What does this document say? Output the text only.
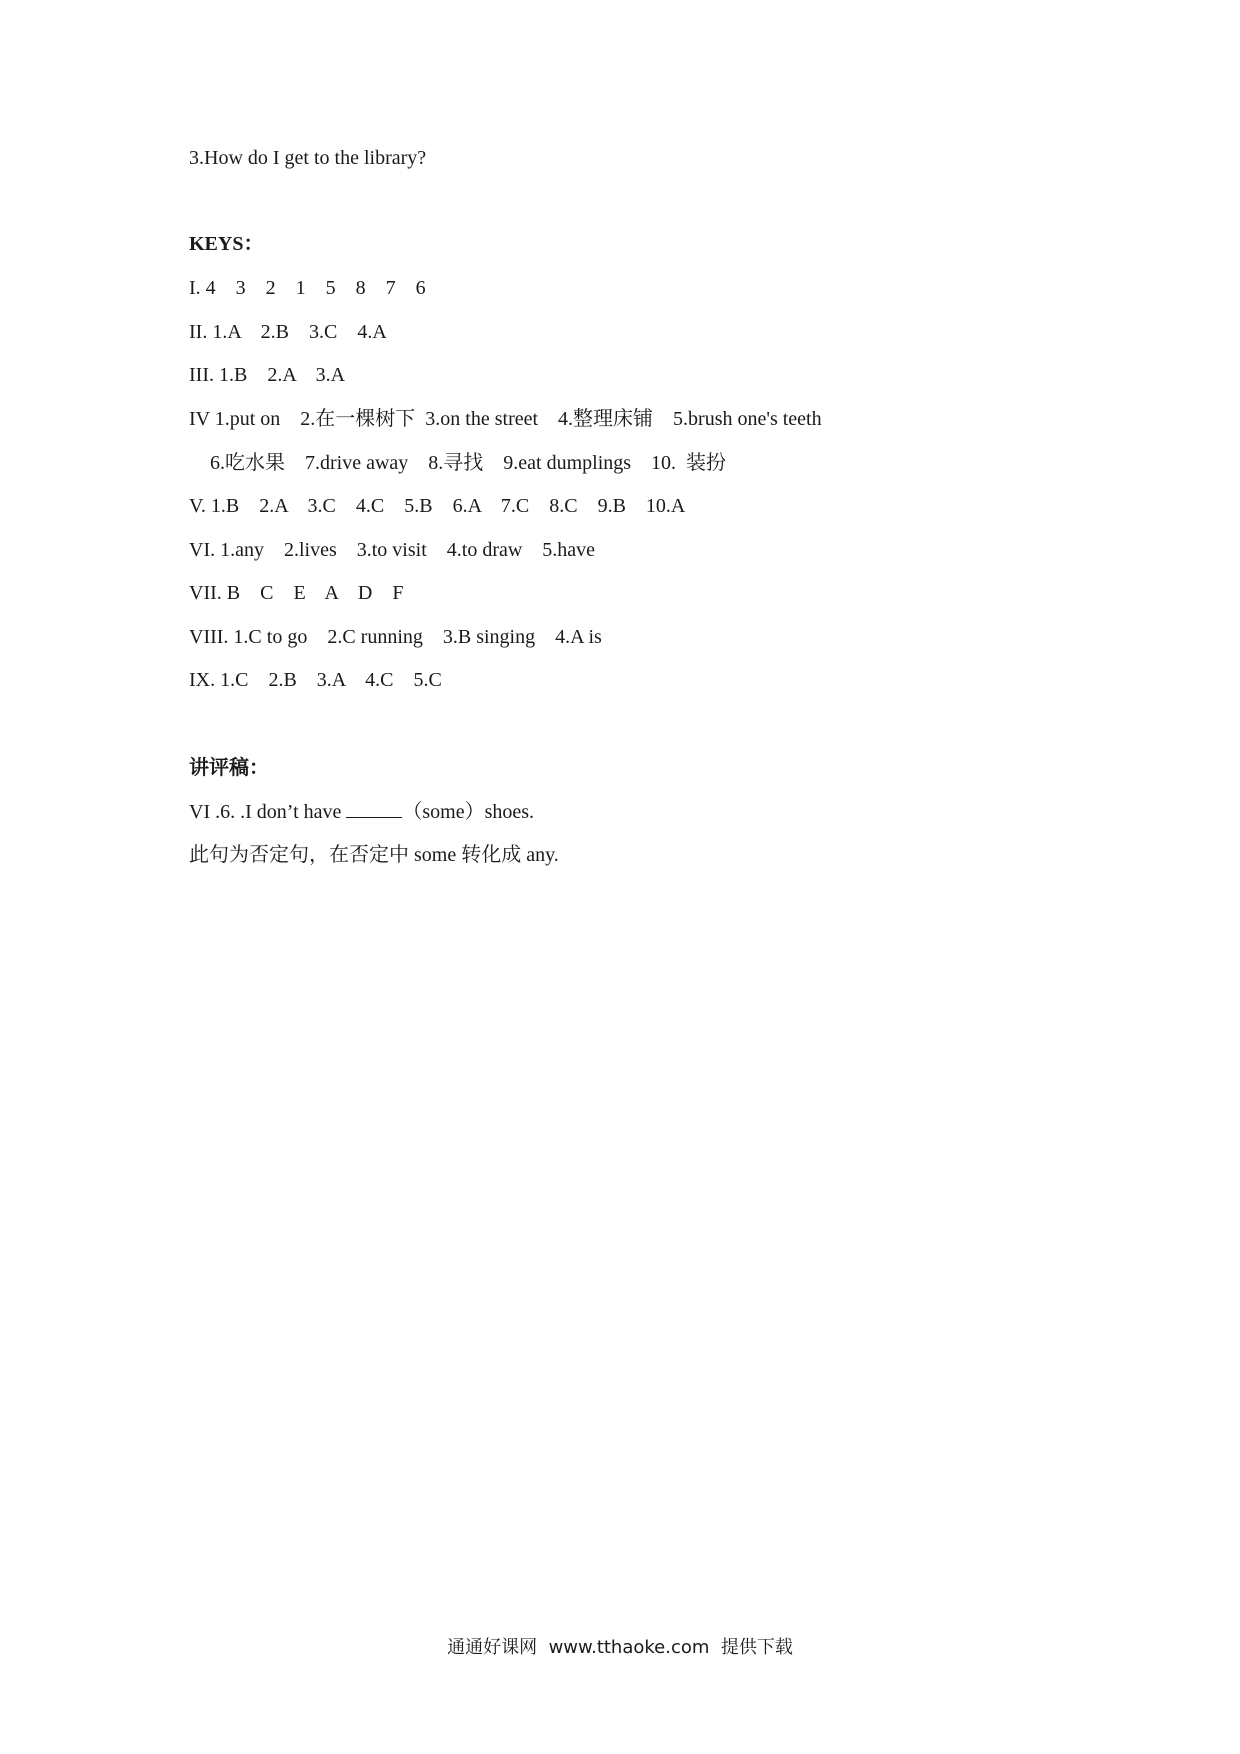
3.How do I get to the library?
KEYS：
I. 4    3    2    1    5    8    7    6
II. 1.A    2.B    3.C    4.A
III. 1.B    2.A    3.A
IV 1.put on    2.在一棵树下  3.on the street    4.整理床铺    5.brush one's teeth
6.吃水果    7.drive away    8.寻找    9.eat dumplings    10.  装扮
V. 1.B    2.A    3.C    4.C    5.B    6.A    7.C    8.C    9.B    10.A
VI. 1.any    2.lives    3.to visit    4.to draw    5.have
VII. B    C    E    A    D    F
VIII. 1.C to go    2.C running    3.B singing    4.A is
IX. 1.C    2.B    3.A    4.C    5.C
讲评稿：
VI .6. .I don’t have	（some）shoes.
此句为否定句，在否定中 some 转化成 any.
通通好课网  www.tthaoke.com  提供下载
